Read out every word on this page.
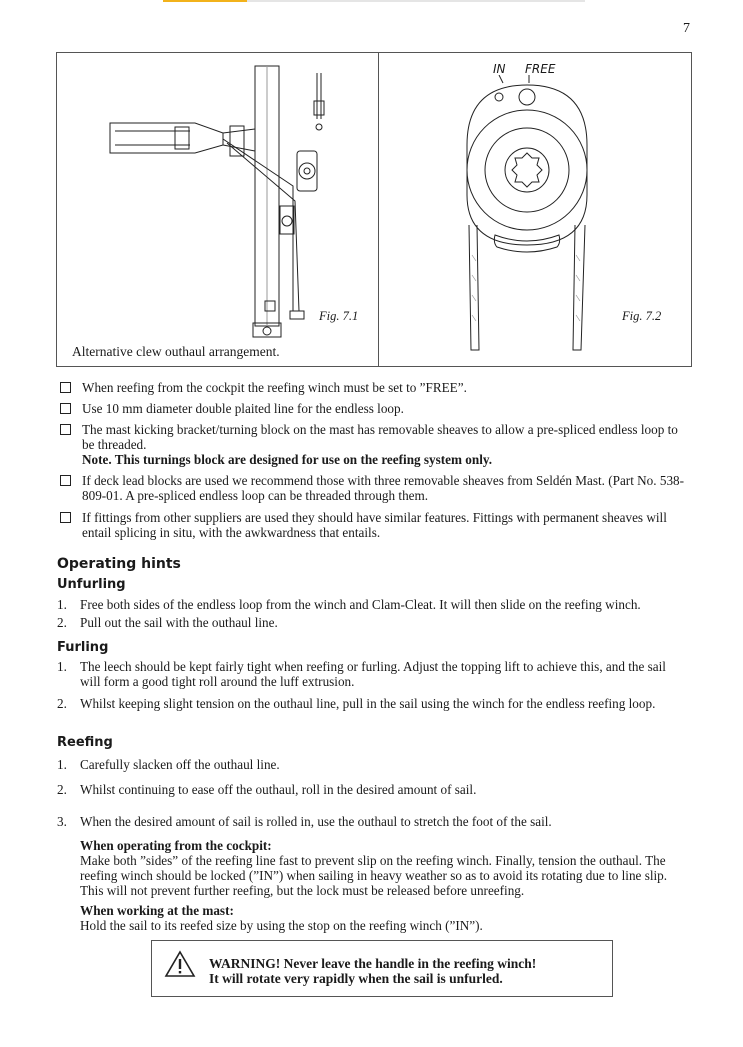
7
Fig. 7.1
Alternative clew outhaul arrangement.
IN FREE
Fig. 7.2
When reefing from the cockpit the reefing winch must be set to ”FREE”.
Use 10 mm diameter double plaited line for the endless loop.
The mast kicking bracket/turning block on the mast has removable sheaves to allow a pre-spliced endless loop to be threaded.
Note. This turnings block are designed for use on the reefing system only.
If deck lead blocks are used we recommend those with three removable sheaves from Seldén Mast. (Part No. 538-809-01. A pre-spliced endless loop can be threaded through them.
If fittings from other suppliers are used they should have similar features. Fittings with permanent sheaves will entail splicing in situ, with the awkwardness that entails.
Operating hints
Unfurling
1. Free both sides of the endless loop from the winch and Clam-Cleat. It will then slide on the reefing winch.
2. Pull out the sail with the outhaul line.
Furling
1. The leech should be kept fairly tight when reefing or furling. Adjust the topping lift to achieve this, and the sail will form a good tight roll around the luff extrusion.
2. Whilst keeping slight tension on the outhaul line, pull in the sail using the winch for the endless reefing loop.
Reefing
1. Carefully slacken off the outhaul line.
2. Whilst continuing to ease off the outhaul, roll in the desired amount of sail.
3. When the desired amount of sail is rolled in, use the outhaul to stretch the foot of the sail.
When operating from the cockpit:
Make both ”sides” of the reefing line fast to prevent slip on the reefing winch. Finally, tension the outhaul. The reefing winch should be locked (”IN”) when sailing in heavy weather so as to avoid its rotating due to line slip. This will not prevent further reefing, but the lock must be released before unreefing.
When working at the mast:
Hold the sail to its reefed size by using the stop on the reefing winch (”IN”).
WARNING! Never leave the handle in the reefing winch!
It will rotate very rapidly when the sail is unfurled.
